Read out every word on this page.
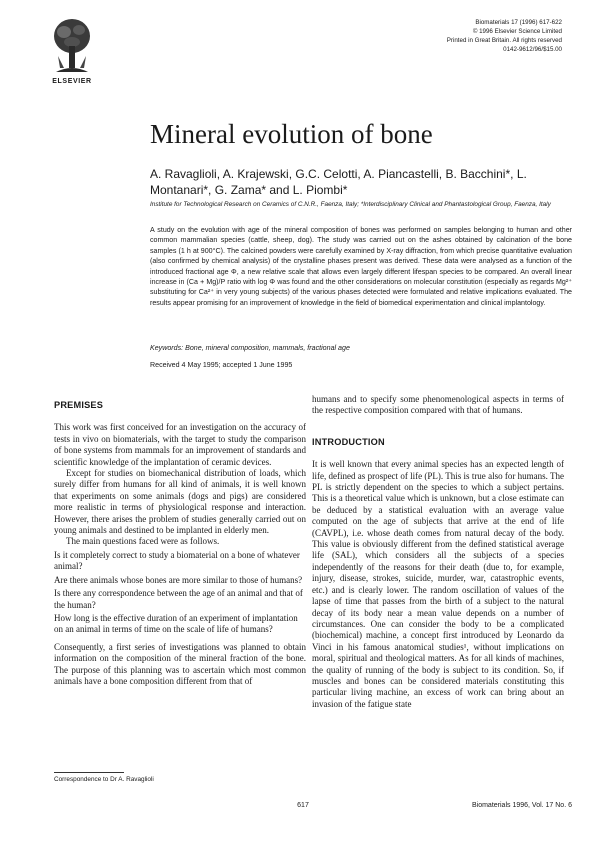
ELSEVIER
Biomaterials 17 (1996) 617-622
© 1996 Elsevier Science Limited
Printed in Great Britain. All rights reserved
0142-9612/96/$15.00
Mineral evolution of bone
A. Ravaglioli, A. Krajewski, G.C. Celotti, A. Piancastelli, B. Bacchini*, L. Montanari*, G. Zama* and L. Piombi*
Institute for Technological Research on Ceramics of C.N.R., Faenza, Italy; *Interdisciplinary Clinical and Phantastological Group, Faenza, Italy
A study on the evolution with age of the mineral composition of bones was performed on samples belonging to human and other common mammalian species (cattle, sheep, dog). The study was carried out on the ashes obtained by calcination of the bone samples (1 h at 900°C). The calcined powders were carefully examined by X-ray diffraction, from which precise quantitative evaluation (also confirmed by chemical analysis) of the crystalline phases present was derived. These data were analysed as a function of the introduced fractional age Φ, a new relative scale that allows even largely different lifespan species to be compared. An overall linear increase in (Ca + Mg)/P ratio with log Φ was found and the other considerations on molecular constitution (especially as regards Mg²⁺ substituting for Ca²⁺ in very young subjects) of the various phases detected were formulated and relative implications evaluated. The results appear promising for an improvement of knowledge in the field of biomedical experimentation and clinical implantology.
Keywords: Bone, mineral composition, mammals, fractional age
Received 4 May 1995; accepted 1 June 1995
PREMISES

This work was first conceived for an investigation on the accuracy of tests in vivo on biomaterials, with the target to study the comparison of bone systems from mammals for an improvement of standards and scientific knowledge of the implantation of ceramic devices.

Except for studies on biomechanical distribution of loads, which surely differ from humans for all kind of animals, it is well known that experiments on some animals (dogs and pigs) are considered more realistic in terms of physiological response and interaction. However, there arises the problem of studies generally carried out on young animals and destined to be implanted in elderly men.

The main questions faced were as follows.

Is it completely correct to study a biomaterial on a bone of whatever animal?

Are there animals whose bones are more similar to those of humans?

Is there any correspondence between the age of an animal and that of the human?

How long is the effective duration of an experiment of implantation on an animal in terms of time on the scale of life of humans?

Consequently, a first series of investigations was planned to obtain information on the composition of the mineral fraction of the bone. The purpose of this planning was to ascertain which most common animals have a bone composition different from that of

humans and to specify some phenomenological aspects in terms of the respective composition compared with that of humans.

INTRODUCTION

It is well known that every animal species has an expected length of life, defined as prospect of life (PL). This is true also for humans. The PL is strictly dependent on the species to which a subject pertains. This is a theoretical value which is unknown, but a close estimate can be deduced by a statistical evaluation with an average value computed on the age of subjects that arrive at the end of life (CAVPL), i.e. whose death comes from natural decay of the body. This value is obviously different from the defined statistical average life (SAL), which considers all the subjects of a species independently of the reasons for their death (due to, for example, injury, disease, strokes, suicide, murder, war, catastrophic events, etc.) and is clearly lower. The random oscillation of values of the lapse of time that passes from the birth of a subject to the natural decay of its body near a mean value depends on a number of circumstances. One can consider the body to be a complicated (biochemical) machine, a concept first introduced by Leonardo da Vinci in his famous anatomical studies¹, without implications on moral, spiritual and theological matters. As for all kinds of machines, the quality of running of the body is subject to its condition. So, if muscles and bones can be considered materials constituting this particular living machine, an excess of work can bring about an invasion of the fatigue state

Correspondence to Dr A. Ravaglioli
617	Biomaterials 1996, Vol. 17 No. 6
